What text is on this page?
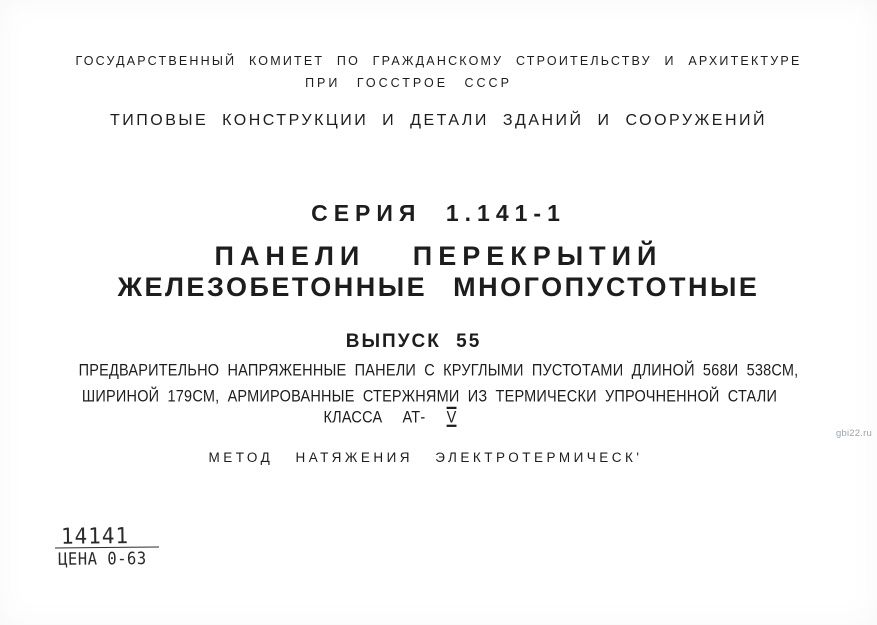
ГОСУДАРСТВЕННЫЙ КОМИТЕТ ПО ГРАЖДАНСКОМУ СТРОИТЕЛЬСТВУ И АРХИТЕКТУРЕ
ПРИ ГОССТРОЕ СССР
ТИПОВЫЕ КОНСТРУКЦИИ И ДЕТАЛИ ЗДАНИЙ И СООРУЖЕНИЙ
СЕРИЯ 1.141-1
ПАНЕЛИ ПЕРЕКРЫТИЙ
ЖЕЛЕЗОБЕТОННЫЕ МНОГОПУСТОТНЫЕ
ВЫПУСК 55
ПРЕДВАРИТЕЛЬНО НАПРЯЖЕННЫЕ ПАНЕЛИ С КРУГЛЫМИ ПУСТОТАМИ ДЛИНОЙ 568И 538СМ,
ШИРИНОЙ 179СМ, АРМИРОВАННЫЕ СТЕРЖНЯМИ ИЗ ТЕРМИЧЕСКИ УПРОЧНЕННОЙ СТАЛИ
КЛАССА АТ- V
МЕТОД НАТЯЖЕНИЯ ЭЛЕКТРОТЕРМИЧЕСК'
14141
ЦЕНА 0-63
gbi22.ru
